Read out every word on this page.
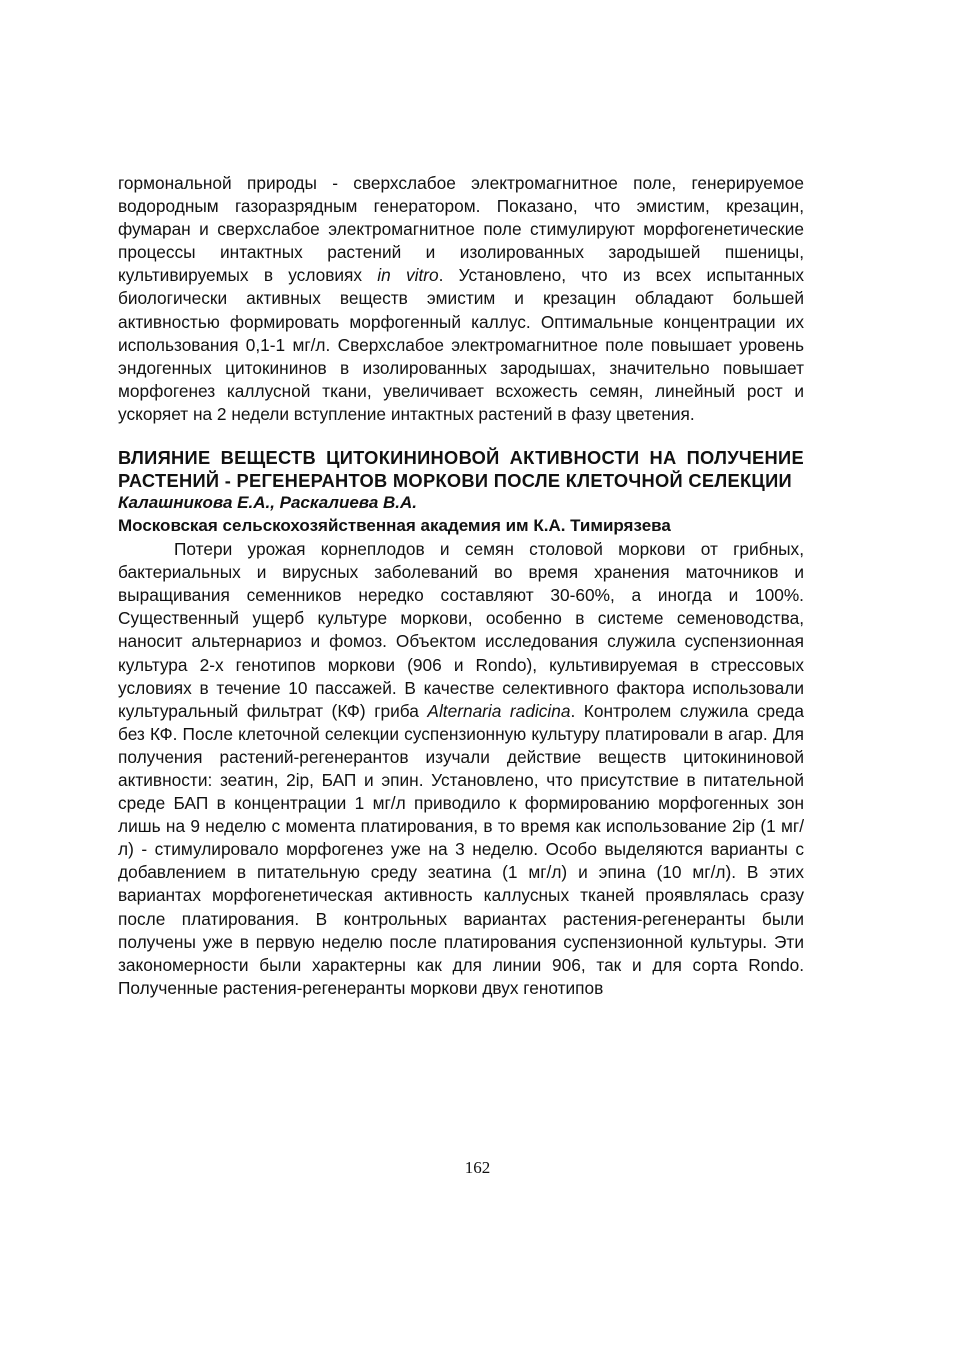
гормональной природы - сверхслабое электромагнитное поле, генерируемое водородным газоразрядным генератором. Показано, что эмистим, крезацин, фумаран и сверхслабое электромагнитное поле стимулируют морфогенетические процессы интактных растений и изолированных зародышей пшеницы, культивируемых в условиях in vitro. Установлено, что из всех испытанных биологически активных веществ эмистим и крезацин обладают большей активностью формировать морфогенный каллус. Оптимальные концентрации их использования 0,1-1 мг/л. Сверхслабое электромагнитное поле повышает уровень эндогенных цитокининов в изолированных зародышах, значительно повышает морфогенез каллусной ткани, увеличивает всхожесть семян, линейный рост и ускоряет на 2 недели вступление интактных растений в фазу цветения.

ВЛИЯНИЕ ВЕЩЕСТВ ЦИТОКИНИНОВОЙ АКТИВНОСТИ НА ПОЛУЧЕНИЕ РАСТЕНИЙ - РЕГЕНЕРАНТОВ МОРКОВИ ПОСЛЕ КЛЕТОЧНОЙ СЕЛЕКЦИИ

Калашникова Е.А., Раскалиева В.А.

Московская сельскохозяйственная академия им К.А. Тимирязева

Потери урожая корнеплодов и семян столовой моркови от грибных, бактериальных и вирусных заболеваний во время хранения маточников и выращивания семенников нередко составляют 30-60%, а иногда и 100%. Существенный ущерб культуре моркови, особенно в системе семеноводства, наносит альтернариоз и фомоз. Объектом исследования служила суспензионная культура 2-х генотипов моркови (906 и Rondo), культивируемая в стрессовых условиях в течение 10 пассажей. В качестве селективного фактора использовали культуральный фильтрат (КФ) гриба Alternaria radicina. Контролем служила среда без КФ. После клеточной селекции суспензионную культуру платировали в агар. Для получения растений-регенерантов изучали действие веществ цитокининовой активности: зеатин, 2ip, БАП и эпин. Установлено, что присутствие в питательной среде БАП в концентрации 1 мг/л приводило к формированию морфогенных зон лишь на 9 неделю с момента платирования, в то время как использование 2ip (1 мг/л) - стимулировало морфогенез уже на 3 неделю. Особо выделяются варианты с добавлением в питательную среду зеатина (1 мг/л) и эпина (10 мг/л). В этих вариантах морфогенетическая активность каллусных тканей проявлялась сразу после платирования. В контрольных вариантах растения-регенеранты были получены уже в первую неделю после платирования суспензионной культуры. Эти закономерности были характерны как для линии 906, так и для сорта Rondo. Полученные растения-регенеранты моркови двух генотипов

162
